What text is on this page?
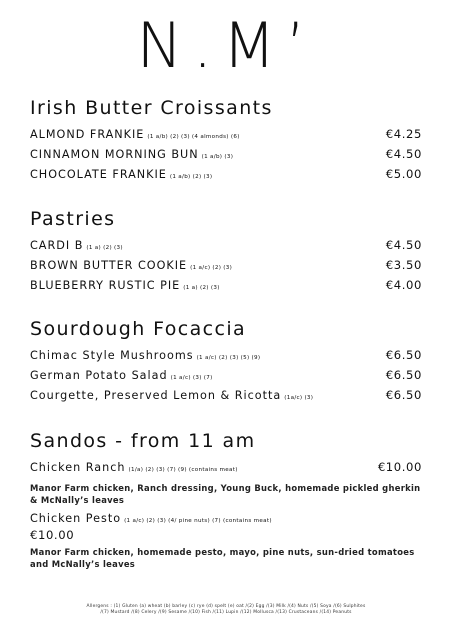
N.M’
Irish Butter Croissants
ALMOND FRANKIE (1 a/b) (2) (3) (4 almonds) (6)	€4.25
CINNAMON MORNING BUN (1 a/b) (3)	€4.50
CHOCOLATE FRANKIE (1 a/b) (2) (3)	€5.00
Pastries
CARDI B (1 a) (2) (3)	€4.50
BROWN BUTTER COOKIE (1 a/c) (2) (3)	€3.50
BLUEBERRY RUSTIC PIE (1 a) (2) (3)	€4.00
Sourdough Focaccia
Chimac Style Mushrooms (1 a/c) (2) (3) (5) (9)	€6.50
German Potato Salad (1 a/c) (3) (7)	€6.50
Courgette, Preserved Lemon & Ricotta (1a/c) (3)	€6.50
Sandos - from 11 am
Chicken Ranch (1/a) (2) (3) (7) (9) (contains meat)	€10.00
Manor Farm chicken, Ranch dressing, Young Buck, homemade pickled gherkin & McNally’s leaves
Chicken Pesto (1 a/c) (2) (3) (4/ pine nuts) (7) (contains meat)
€10.00
Manor Farm chicken, homemade pesto, mayo, pine nuts, sun-dried tomatoes and McNally’s leaves
Allergens : (1) Gluten (a) wheat (b) barley (c) rye (d) spelt (e) oat /(2) Egg /(3) Milk /(4) Nuts /(5) Soya /(6) Sulphites
/(7) Mustard /(8) Celery /(9) Sesame /(10) Fish /(11) Lupin /(12) Mollusca /(13) Crustaceans /(14) Peanuts
